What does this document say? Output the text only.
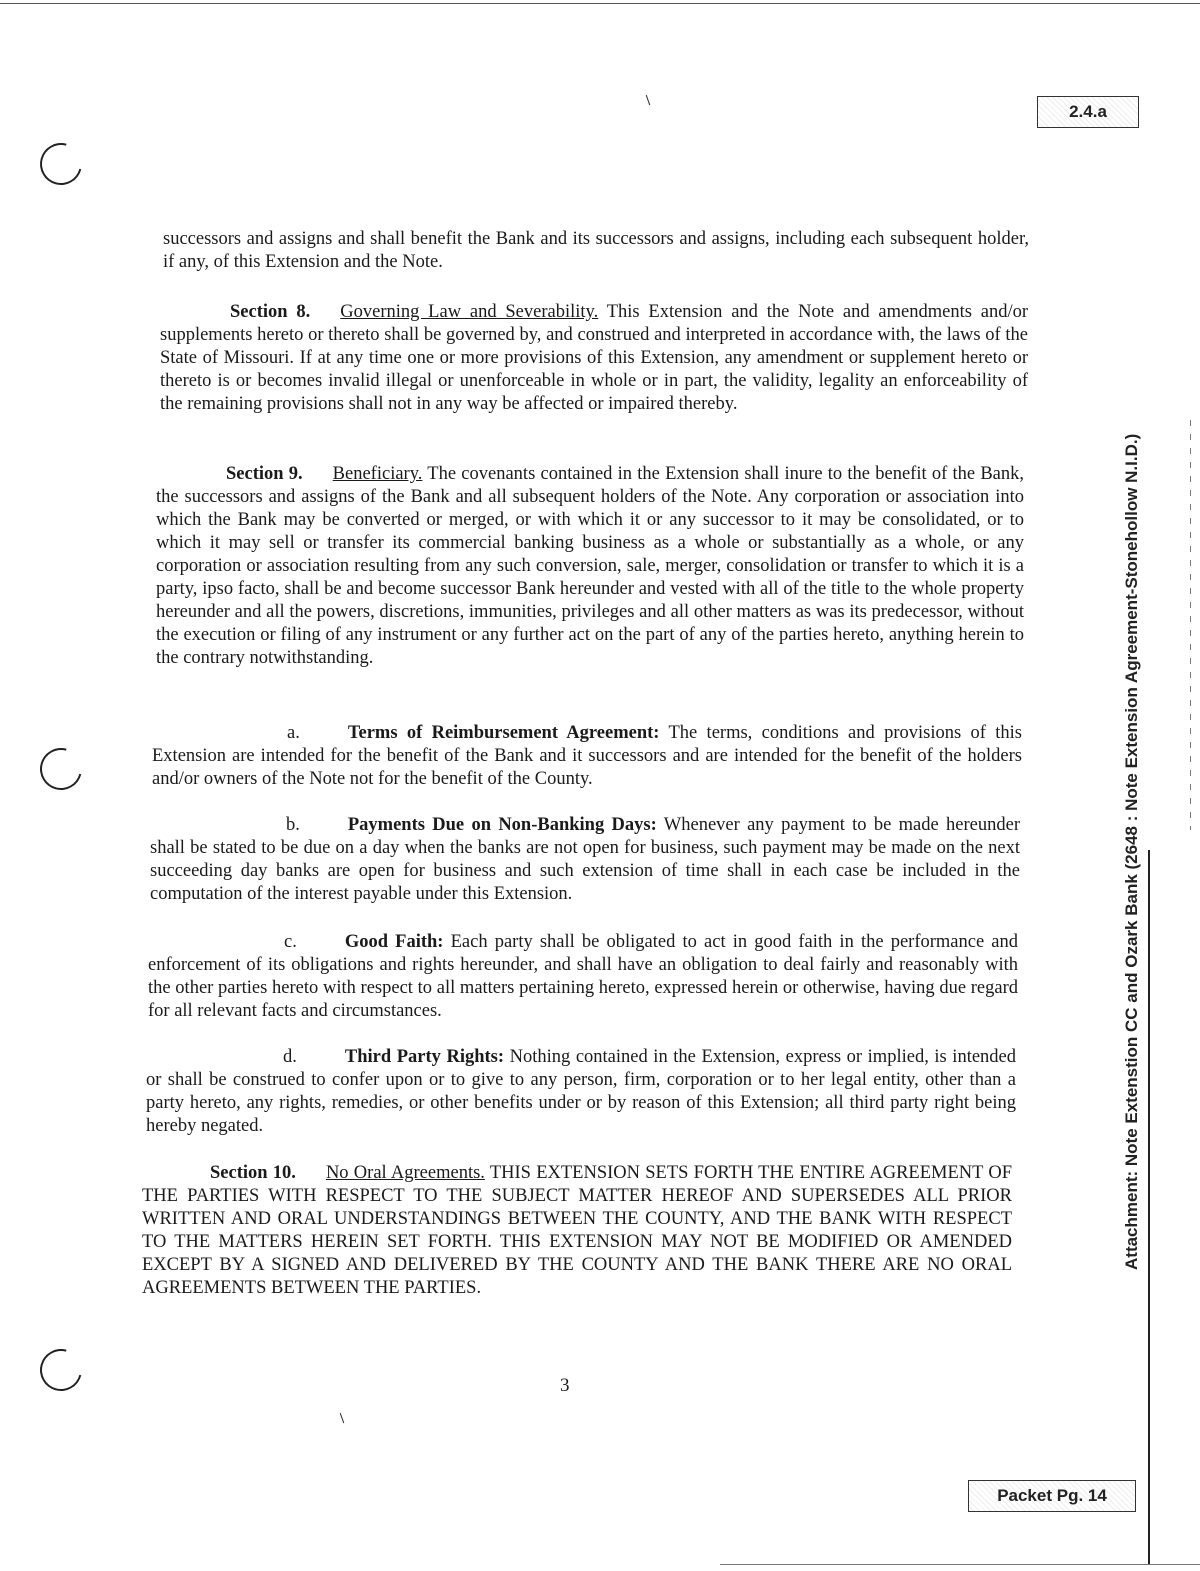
2.4.a
/
/

successors and assigns and shall benefit the Bank and its successors and assigns, including each subsequent holder, if any, of this Extension and the Note.

Section 8. Governing Law and Severability. This Extension and the Note and amendments and/or supplements hereto or thereto shall be governed by, and construed and interpreted in accordance with, the laws of the State of Missouri. If at any time one or more provisions of this Extension, any amendment or supplement hereto or thereto is or becomes invalid illegal or unenforceable in whole or in part, the validity, legality an enforceability of the remaining provisions shall not in any way be affected or impaired thereby.

Section 9. Beneficiary. The covenants contained in the Extension shall inure to the benefit of the Bank, the successors and assigns of the Bank and all subsequent holders of the Note. Any corporation or association into which the Bank may be converted or merged, or with which it or any successor to it may be consolidated, or to which it may sell or transfer its commercial banking business as a whole or substantially as a whole, or any corporation or association resulting from any such conversion, sale, merger, consolidation or transfer to which it is a party, ipso facto, shall be and become successor Bank hereunder and vested with all of the title to the whole property hereunder and all the powers, discretions, immunities, privileges and all other matters as was its predecessor, without the execution or filing of any instrument or any further act on the part of any of the parties hereto, anything herein to the contrary notwithstanding.

a.	Terms of Reimbursement Agreement: The terms, conditions and provisions of this Extension are intended for the benefit of the Bank and it successors and are intended for the benefit of the holders and/or owners of the Note not for the benefit of the County.

b.	Payments Due on Non-Banking Days: Whenever any payment to be made hereunder shall be stated to be due on a day when the banks are not open for business, such payment may be made on the next succeeding day banks are open for business and such extension of time shall in each case be included in the computation of the interest payable under this Extension.

c.	Good Faith: Each party shall be obligated to act in good faith in the performance and enforcement of its obligations and rights hereunder, and shall have an obligation to deal fairly and reasonably with the other parties hereto with respect to all matters pertaining hereto, expressed herein or otherwise, having due regard for all relevant facts and circumstances.

d.	Third Party Rights: Nothing contained in the Extension, express or implied, is intended or shall be construed to confer upon or to give to any person, firm, corporation or to her legal entity, other than a party hereto, any rights, remedies, or other benefits under or by reason of this Extension; all third party right being hereby negated.

Section 10. No Oral Agreements. THIS EXTENSION SETS FORTH THE ENTIRE AGREEMENT OF THE PARTIES WITH RESPECT TO THE SUBJECT MATTER HEREOF AND SUPERSEDES ALL PRIOR WRITTEN AND ORAL UNDERSTANDINGS BETWEEN THE COUNTY, AND THE BANK WITH RESPECT TO THE MATTERS HEREIN SET FORTH. THIS EXTENSION MAY NOT BE MODIFIED OR AMENDED EXCEPT BY A SIGNED AND DELIVERED BY THE COUNTY AND THE BANK THERE ARE NO ORAL AGREEMENTS BETWEEN THE PARTIES.

3
Attachment: Note Extenstion CC and Ozark Bank (2648 : Note Extension Agreement-Stonehollow N.I.D.)
Packet Pg. 14
